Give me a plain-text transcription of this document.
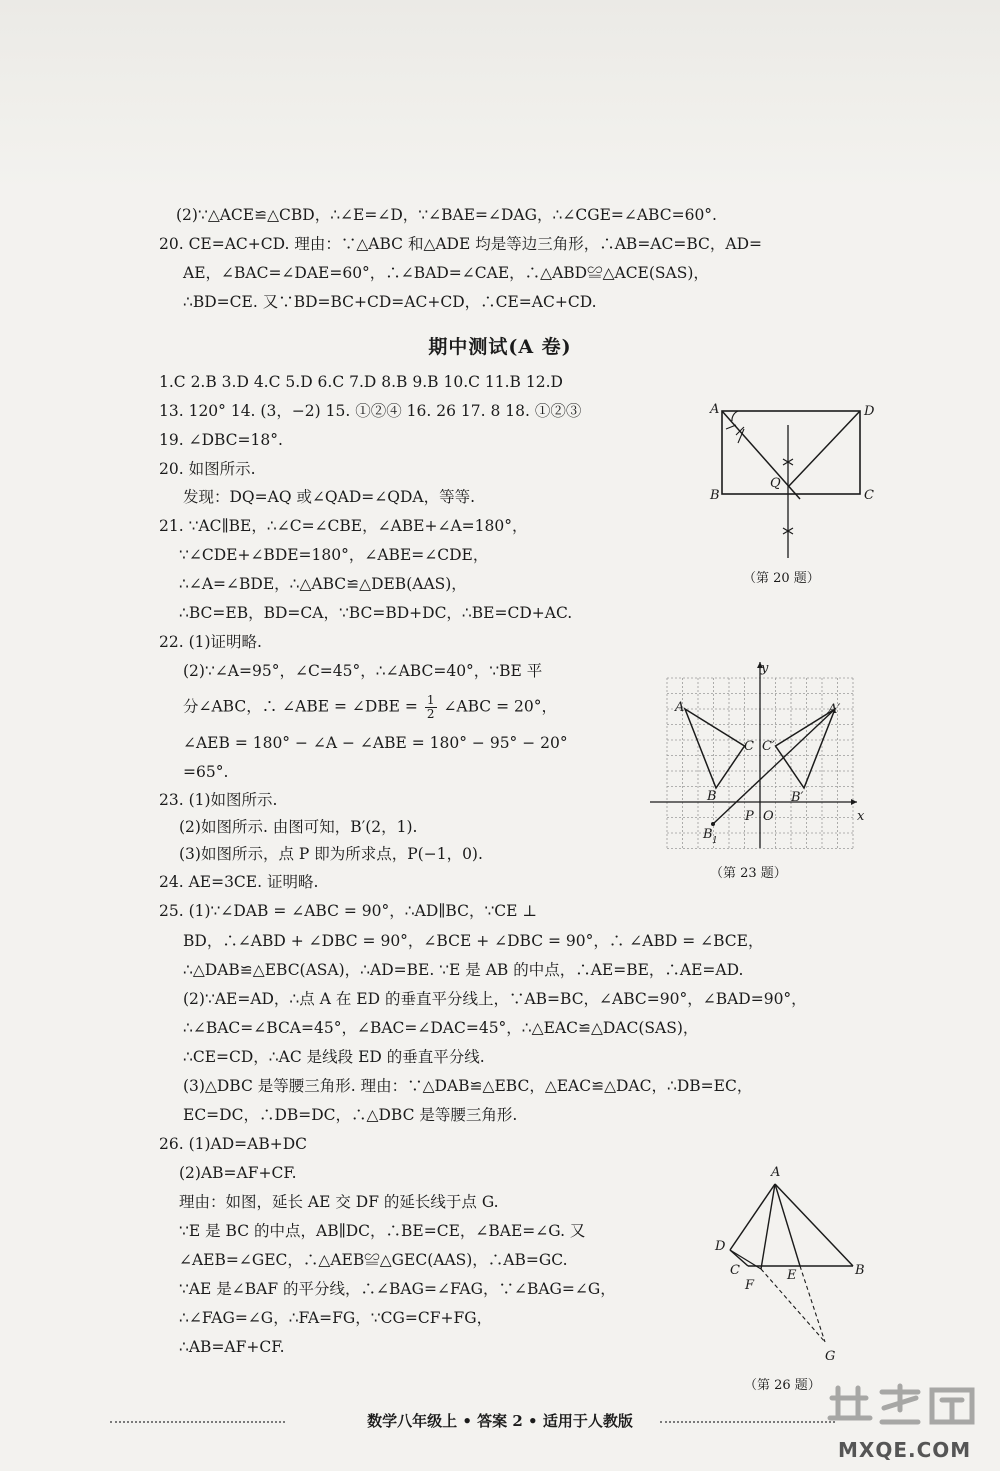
(2)∵△ACE≌△CBD，∴∠E=∠D，∵∠BAE=∠DAG，∴∠CGE=∠ABC=60°.
20. CE=AC+CD. 理由：∵△ABC 和△ADE 均是等边三角形，∴AB=AC=BC，AD=
AE，∠BAC=∠DAE=60°，∴∠BAD=∠CAE，∴△ABD≌△ACE(SAS)，
∴BD=CE. 又∵BD=BC+CD=AC+CD，∴CE=AC+CD.
期中测试(A 卷)
1.C 2.B 3.D 4.C 5.D 6.C 7.D 8.B 9.B 10.C 11.B 12.D
13. 120° 14. (3，−2) 15. ①②④ 16. 26 17. 8 18. ①②③
19. ∠DBC=18°.
20. 如图所示.
发现：DQ=AQ 或∠QAD=∠QDA，等等.
21. ∵AC∥BE，∴∠C=∠CBE，∠ABE+∠A=180°，
∵∠CDE+∠BDE=180°，∠ABE=∠CDE，
∴∠A=∠BDE，∴△ABC≌△DEB(AAS)，
∴BC=EB，BD=CA，∵BC=BD+DC，∴BE=CD+AC.
22. (1)证明略.
(2)∵∠A=95°，∠C=45°，∴∠ABC=40°，∵BE 平
分∠ABC，∴ ∠ABE = ∠DBE = $\frac{1}{2}$ ∠ABC = 20°，
∠AEB = 180° − ∠A − ∠ABE = 180° − 95° − 20°
=65°.
23. (1)如图所示.
(2)如图所示. 由图可知，B′(2，1).
(3)如图所示，点 P 即为所求点，P(−1，0).
24. AE=3CE. 证明略.
25. (1)∵∠DAB = ∠ABC = 90°，∴AD∥BC，∵CE ⊥
BD，∴∠ABD + ∠DBC = 90°，∠BCE + ∠DBC = 90°，∴ ∠ABD = ∠BCE，
∴△DAB≌△EBC(ASA)，∴AD=BE. ∵E 是 AB 的中点，∴AE=BE，∴AE=AD.
(2)∵AE=AD，∴点 A 在 ED 的垂直平分线上，∵AB=BC，∠ABC=90°，∠BAD=90°，
∴∠BAC=∠BCA=45°，∠BAC=∠DAC=45°，∴△EAC≌△DAC(SAS)，
∴CE=CD，∴AC 是线段 ED 的垂直平分线.
(3)△DBC 是等腰三角形. 理由：∵△DAB≌△EBC，△EAC≌△DAC，∴DB=EC，
EC=DC，∴DB=DC，∴△DBC 是等腰三角形.
26. (1)AD=AB+DC
(2)AB=AF+CF.
理由：如图，延长 AE 交 DF 的延长线于点 G.
∵E 是 BC 的中点，AB∥DC，∴BE=CE，∠BAE=∠G. 又
∠AEB=∠GEC，∴△AEB≌△GEC(AAS)，∴AB=GC.
∵AE 是∠BAF 的平分线，∴∠BAG=∠FAG，∵∠BAG=∠G，
∴∠FAG=∠G，∴FA=FG，∵CG=CF+FG，
∴AB=AF+CF.
A	D
B	C
Q
（第 20 题）
y
x
A	A′
C C′
B	B′
B 1
P O
（第 23 题）
A
D
C	E	B
F
G
（第 26 题）
数学八年级上 • 答案 2 • 适用于人教版
MXQE.COM
